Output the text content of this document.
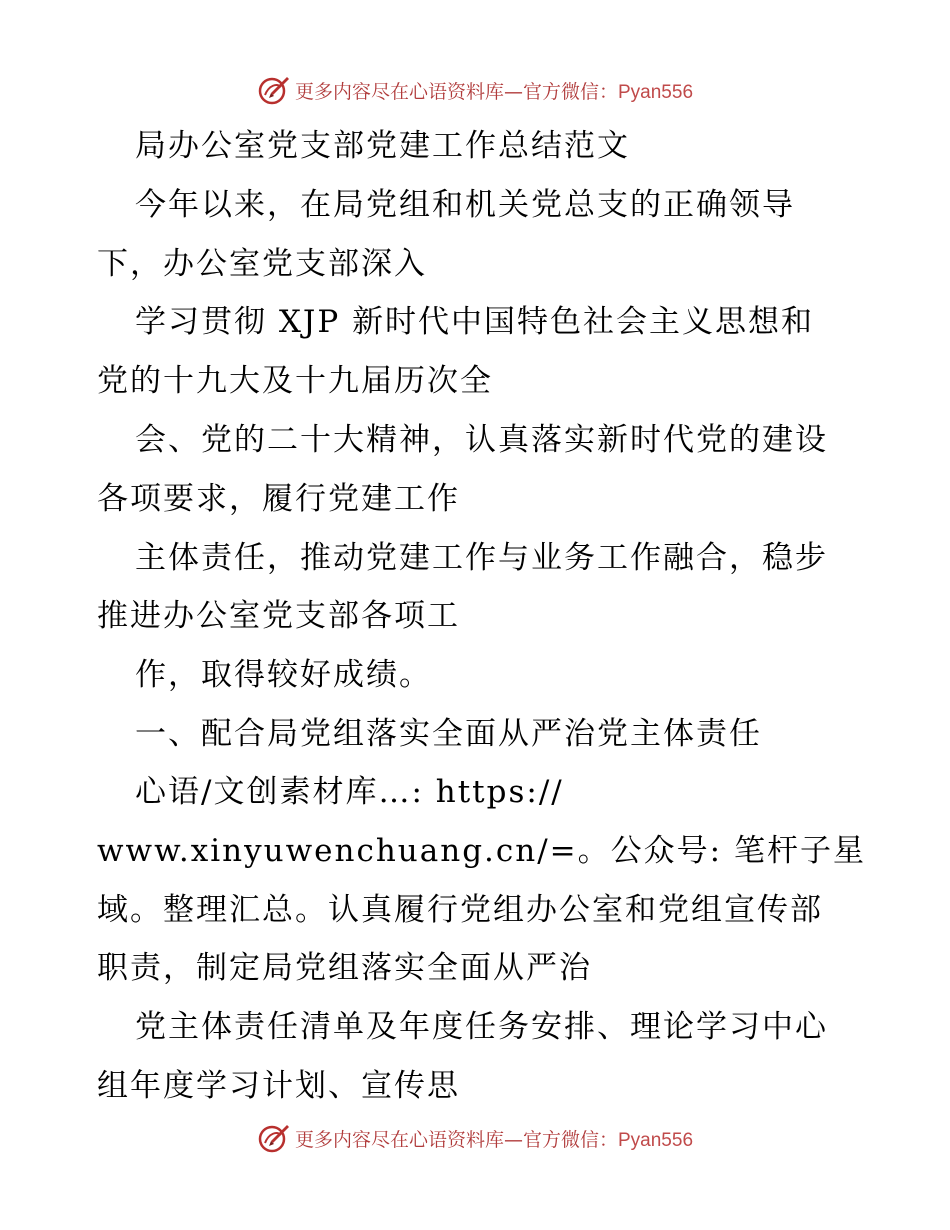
更多内容尽在心语资料库—官方微信：Pyan556
局办公室党支部党建工作总结范文
今年以来，在局党组和机关党总支的正确领导
下，办公室党支部深入
学习贯彻 XJP 新时代中国特色社会主义思想和
党的十九大及十九届历次全
会、党的二十大精神，认真落实新时代党的建设
各项要求，履行党建工作
主体责任，推动党建工作与业务工作融合，稳步
推进办公室党支部各项工
作，取得较好成绩。
一、配合局党组落实全面从严治党主体责任
心语/文创素材库…: https://
www.xinyuwenchuang.cn/=。公众号: 笔杆子星
域。整理汇总。认真履行党组办公室和党组宣传部
职责，制定局党组落实全面从严治
党主体责任清单及年度任务安排、理论学习中心
组年度学习计划、宣传思
更多内容尽在心语资料库—官方微信：Pyan556
